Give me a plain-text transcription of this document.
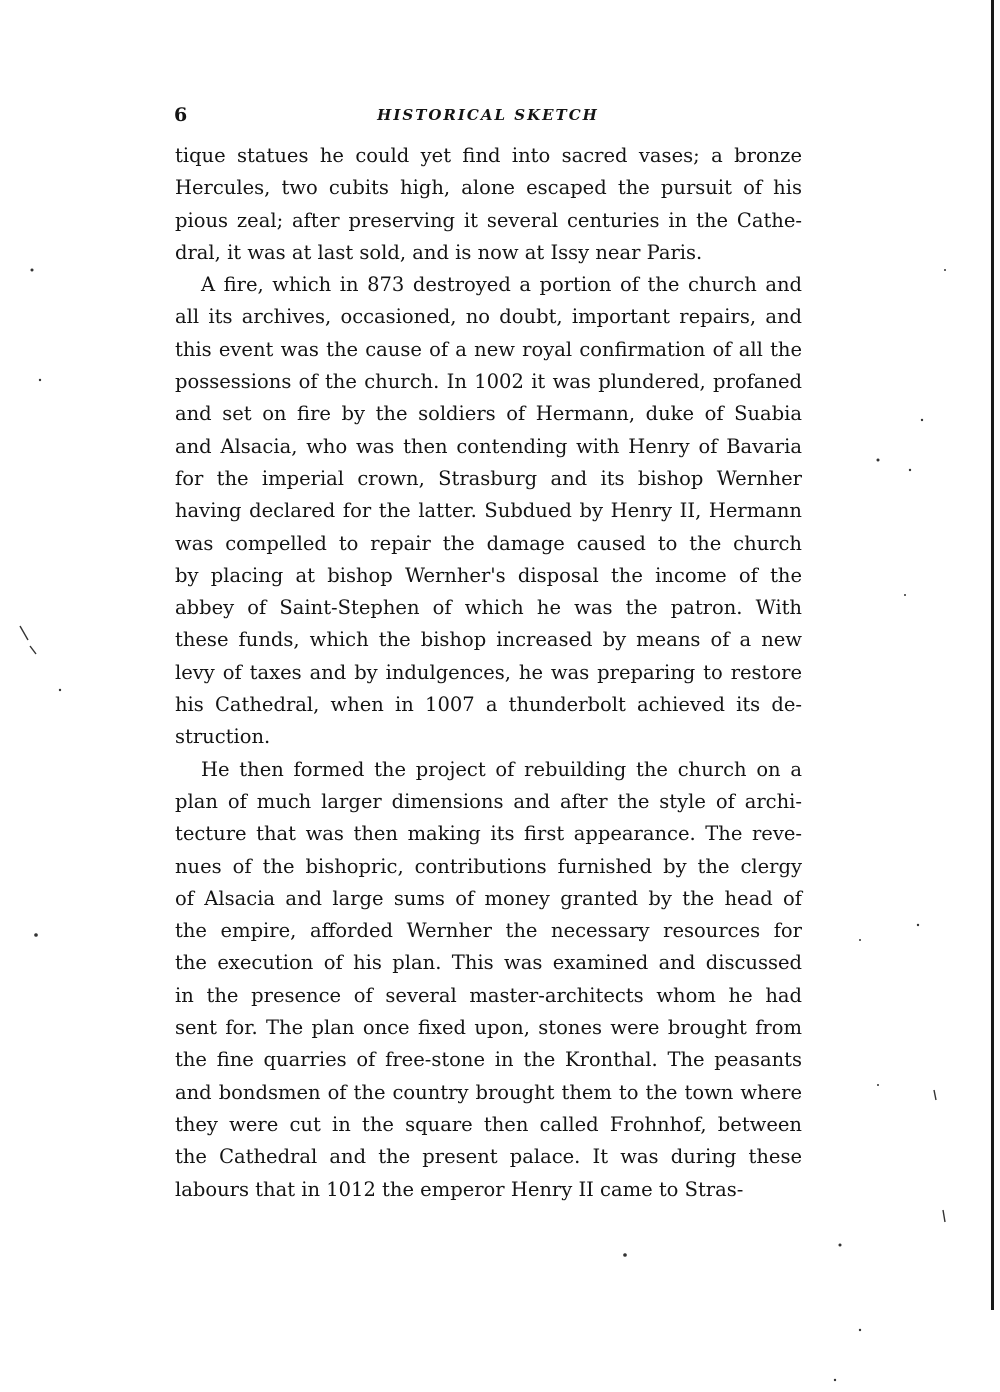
6	HISTORICAL SKETCH
tique statues he could yet find into sacred vases; a bronze
Hercules, two cubits high, alone escaped the pursuit of his
pious zeal; after preserving it several centuries in the Cathe-
dral, it was at last sold, and is now at Issy near Paris.
A fire, which in 873 destroyed a portion of the church and
all its archives, occasioned, no doubt, important repairs, and
this event was the cause of a new royal confirmation of all the
possessions of the church. In 1002 it was plundered, profaned
and set on fire by the soldiers of Hermann, duke of Suabia
and Alsacia, who was then contending with Henry of Bavaria
for the imperial crown, Strasburg and its bishop Wernher
having declared for the latter. Subdued by Henry II, Hermann
was compelled to repair the damage caused to the church
by placing at bishop Wernher's disposal the income of the
abbey of Saint-Stephen of which he was the patron. With
these funds, which the bishop increased by means of a new
levy of taxes and by indulgences, he was preparing to restore
his Cathedral, when in 1007 a thunderbolt achieved its de-
struction.
He then formed the project of rebuilding the church on a
plan of much larger dimensions and after the style of archi-
tecture that was then making its first appearance. The reve-
nues of the bishopric, contributions furnished by the clergy
of Alsacia and large sums of money granted by the head of
the empire, afforded Wernher the necessary resources for
the execution of his plan. This was examined and discussed
in the presence of several master-architects whom he had
sent for. The plan once fixed upon, stones were brought from
the fine quarries of free-stone in the Kronthal. The peasants
and bondsmen of the country brought them to the town where
they were cut in the square then called Frohnhof, between
the Cathedral and the present palace. It was during these
labours that in 1012 the emperor Henry II came to Stras-
